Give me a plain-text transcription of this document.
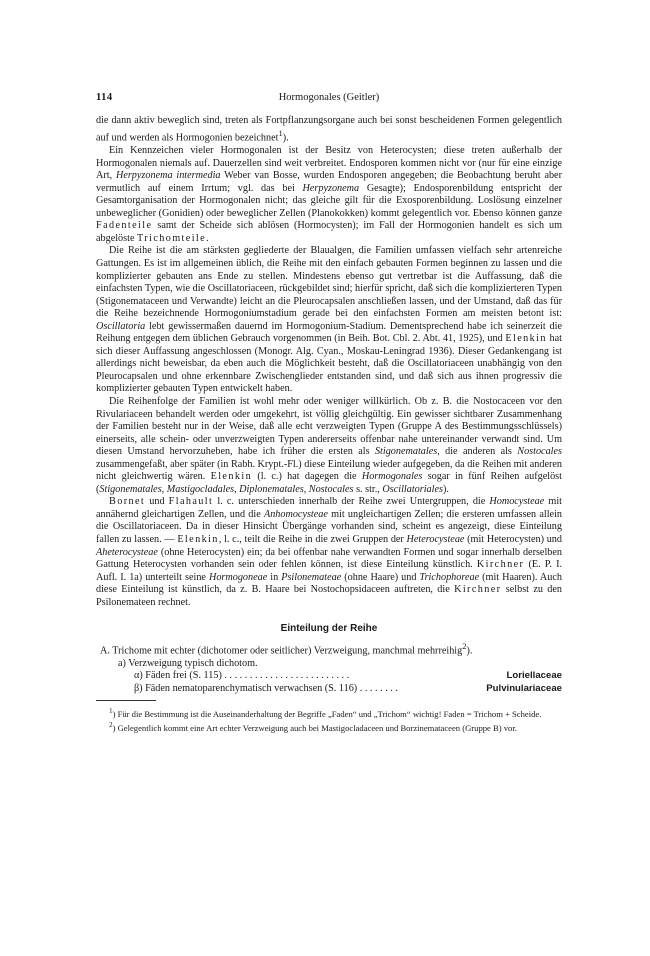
114	Hormogonales (Geitler)

die dann aktiv beweglich sind, treten als Fortpflanzungsorgane auch bei sonst bescheidenen Formen gelegentlich auf und werden als Hormogonien bezeichnet$^1$).

Ein Kennzeichen vieler Hormogonalen ist der Besitz von Heterocysten; diese treten außerhalb der Hormogonalen niemals auf. Dauerzellen sind weit verbreitet. Endosporen kommen nicht vor (nur für eine einzige Art, Herpyzonema intermedia Weber van Bosse, wurden Endosporen angegeben; die Beobachtung beruht aber vermutlich auf einem Irrtum; vgl. das bei Herpyzonema Gesagte); Endosporenbildung entspricht der Gesamtorganisation der Hormogonalen nicht; das gleiche gilt für die Exosporenbildung. Loslösung einzelner unbeweglicher (Gonidien) oder beweglicher Zellen (Planokokken) kommt gelegentlich vor. Ebenso können ganze Fadenteile samt der Scheide sich ablösen (Hormocysten); im Fall der Hormogonien handelt es sich um abgelöste Trichomteile.

Die Reihe ist die am stärksten gegliederte der Blaualgen, die Familien umfassen vielfach sehr artenreiche Gattungen. Es ist im allgemeinen üblich, die Reihe mit den einfach gebauten Formen beginnen zu lassen und die komplizierter gebauten ans Ende zu stellen. Mindestens ebenso gut vertretbar ist die Auffassung, daß die einfachsten Typen, wie die Oscillatoriaceen, rückgebildet sind; hierfür spricht, daß sich die komplizierteren Typen (Stigonemataceen und Verwandte) leicht an die Pleurocapsalen anschließen lassen, und der Umstand, daß das für die Reihe bezeichnende Hormogoniumstadium gerade bei den einfachsten Formen am meisten betont ist: Oscillatoria lebt gewissermaßen dauernd im Hormogonium-Stadium. Dementsprechend habe ich seinerzeit die Reihung entgegen dem üblichen Gebrauch vorgenommen (in Beih. Bot. Cbl. 2. Abt. 41, 1925), und Elenkin hat sich dieser Auffassung angeschlossen (Monogr. Alg. Cyan., Moskau-Leningrad 1936). Dieser Gedankengang ist allerdings nicht beweisbar, da eben auch die Möglichkeit besteht, daß die Oscillatoriaceen unabhängig von den Pleurocapsalen und ohne erkennbare Zwischenglieder entstanden sind, und daß sich aus ihnen progressiv die komplizierter gebauten Typen entwickelt haben.

Die Reihenfolge der Familien ist wohl mehr oder weniger willkürlich. Ob z. B. die Nostocaceen vor den Rivulariaceen behandelt werden oder umgekehrt, ist völlig gleichgültig. Ein gewisser sichtbarer Zusammenhang der Familien besteht nur in der Weise, daß alle echt verzweigten Typen (Gruppe A des Bestimmungsschlüssels) einerseits, alle schein- oder unverzweigten Typen andererseits offenbar nahe untereinander verwandt sind. Um diesen Umstand hervorzuheben, habe ich früher die ersten als Stigonematales, die anderen als Nostocales zusammengefaßt, aber später (in Rabh. Krypt.-Fl.) diese Einteilung wieder aufgegeben, da die Reihen mit anderen nicht gleichwertig wären. Elenkin (l. c.) hat dagegen die Hormogonales sogar in fünf Reihen aufgelöst (Stigonematales, Mastigocladales, Diplonematales, Nostocales s. str., Oscillatoriales).

Bornet und Flahault l. c. unterschieden innerhalb der Reihe zwei Untergruppen, die Homocysteae mit annähernd gleichartigen Zellen, und die Anhomocysteae mit ungleichartigen Zellen; die ersteren umfassen allein die Oscillatoriaceen. Da in dieser Hinsicht Übergänge vorhanden sind, scheint es angezeigt, diese Einteilung fallen zu lassen. — Elenkin, l. c., teilt die Reihe in die zwei Gruppen der Heterocysteae (mit Heterocysten) und Aheterocysteae (ohne Heterocysten) ein; da bei offenbar nahe verwandten Formen und sogar innerhalb derselben Gattung Heterocysten vorhanden sein oder fehlen können, ist diese Einteilung künstlich. Kirchner (E. P. I. Aufl. I. 1a) unterteilt seine Hormogoneae in Psilonemateae (ohne Haare) und Trichophoreae (mit Haaren). Auch diese Einteilung ist künstlich, da z. B. Haare bei Nostochopsidaceen auftreten, die Kirchner selbst zu den Psilonemateen rechnet.

Einteilung der Reihe

A. Trichome mit echter (dichotomer oder seitlicher) Verzweigung, manchmal mehrreihig$^2$).

a) Verzweigung typisch dichotom.
α) Fäden frei (S. 115) . . . . . . . . . . . . . . . . . . . . . . . . .	Loriellaceae
β) Fäden nematoparenchymatisch verwachsen (S. 116) . . . . . . . .	Pulvinulariaceae

$^1$) Für die Bestimmung ist die Auseinanderhaltung der Begriffe „Faden“ und „Trichom“ wichtig! Faden = Trichom + Scheide.

$^2$) Gelegentlich kommt eine Art echter Verzweigung auch bei Mastigocladaceen und Borzinemataceen (Gruppe B) vor.
